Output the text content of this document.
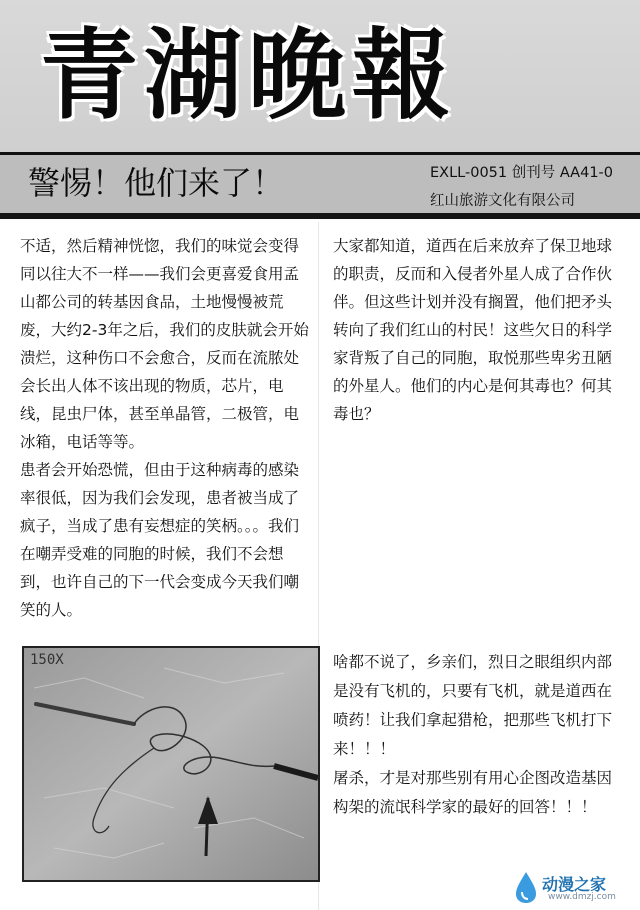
青湖晚報
警惕！他们来了！	EXLL-0051 创刊号 AA41-0
红山旅游文化有限公司

不适，然后精神恍惚，我们的味觉会变得同以往大不一样——我们会更喜爱食用孟山都公司的转基因食品，土地慢慢被荒废，大约2-3年之后，我们的皮肤就会开始溃烂，这种伤口不会愈合，反而在流脓处会长出人体不该出现的物质，芯片，电线，昆虫尸体，甚至单晶管，二极管，电冰箱，电话等等。

患者会开始恐慌，但由于这种病毒的感染率很低，因为我们会发现，患者被当成了疯子，当成了患有妄想症的笑柄。。。我们在嘲弄受难的同胞的时候，我们不会想到，也许自己的下一代会变成今天我们嘲笑的人。

大家都知道，道西在后来放弃了保卫地球的职责，反而和入侵者外星人成了合作伙伴。但这些计划并没有搁置，他们把矛头转向了我们红山的村民！这些欠日的科学家背叛了自己的同胞，取悦那些卑劣丑陋的外星人。他们的内心是何其毒也？何其毒也？

150X	啥都不说了，乡亲们，烈日之眼组织内部是没有飞机的，只要有飞机，就是道西在喷药！让我们拿起猎枪，把那些飞机打下来！！！

屠杀，才是对那些别有用心企图改造基因构架的流氓科学家的最好的回答！！！

动漫之家
www.dmzj.com
